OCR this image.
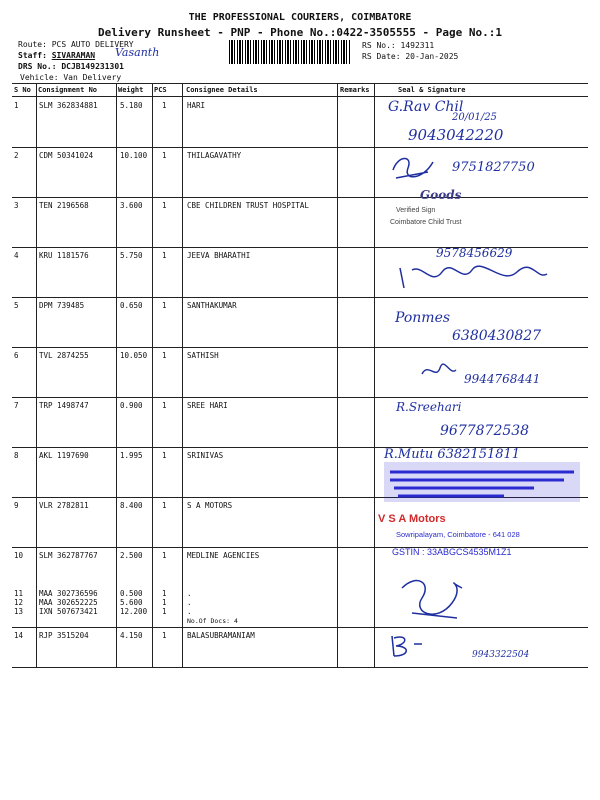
THE PROFESSIONAL COURIERS, COIMBATORE
Delivery Runsheet - PNP - Phone No.:0422-3505555 - Page No.:1
Route: PCS AUTO DELIVERY
Staff: SIVARAMAN Vasanth
DRS No.: DCJB149231301
Vehicle: Van Delivery
RS No.: 1492311
RS Date: 20-Jan-2025
S No Consignment No	Weight PCS	Consignee Details	Remarks	Seal & Signature
1	SLM 362834881	5.180	1	HARI
2	CDM 50341024	10.100 1	THILAGAVATHY
3	TEN 2196568	3.600	1	CBE CHILDREN TRUST HOSPITAL
4	KRU 1181576	5.750	1	JEEVA BHARATHI
5	DPM 739485	0.650	1	SANTHAKUMAR
6	TVL 2874255	10.050 1	SATHISH
7	TRP 1498747	0.900	1	SREE HARI
8	AKL 1197690	1.995	1	SRINIVAS
9	VLR 2782811	8.400	1	S A MOTORS
10 SLM 362787767	2.500	1	MEDLINE AGENCIES
11 MAA 302736596	0.500	1	.
12 MAA 302652225	5.600	1	.
13 IXN 507673421	12.200 1	.
No.Of Docs: 4
14 RJP 3515204	4.150	1	BALASUBRAMANIAM
G.Rav Chil
20/01/25
9043042220
9751827750
Goods
Verified Sign
Coimbatore Child Trust
9578456629
Ponmes
6380430827
9944768441
R.Sreehari
9677872538
R.Mutu 6382151811
V S A Motors
Sowripalayam, Coimbatore - 641 028
GSTIN : 33ABGCS4535M1Z1
9943322504
